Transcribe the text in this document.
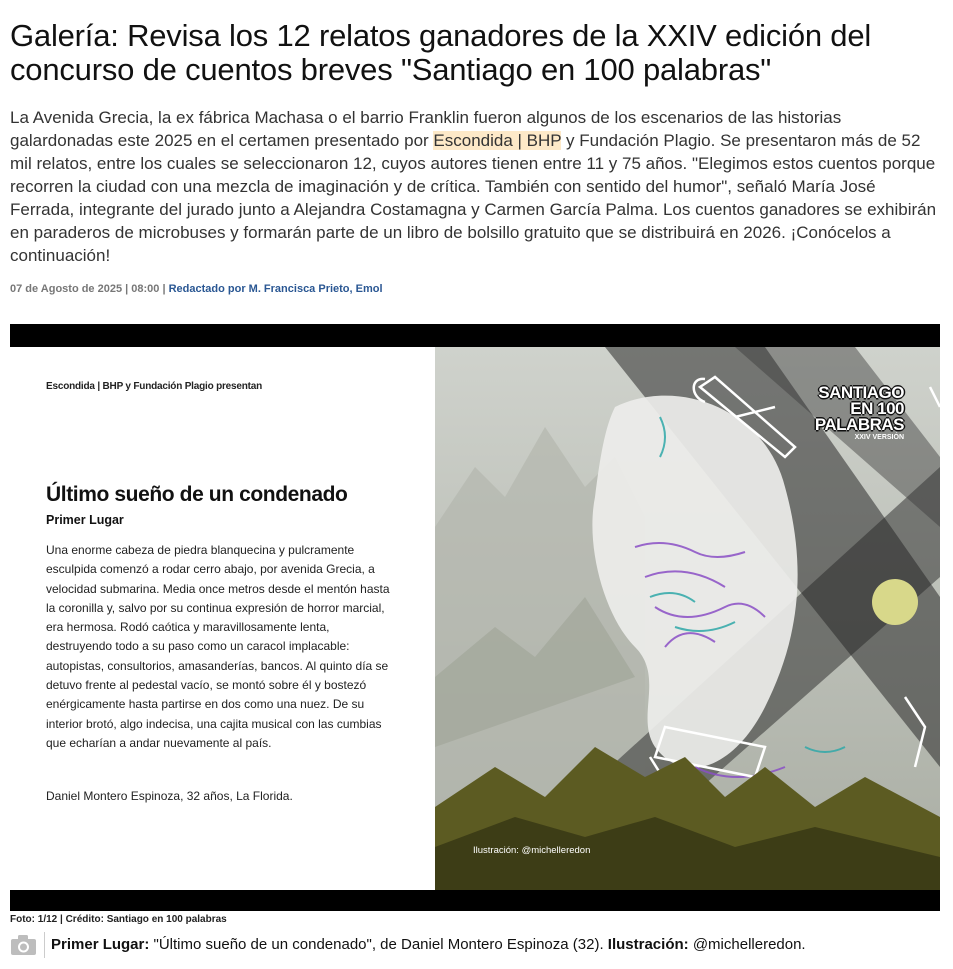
Galería: Revisa los 12 relatos ganadores de la XXIV edición del concurso de cuentos breves "Santiago en 100 palabras"

La Avenida Grecia, la ex fábrica Machasa o el barrio Franklin fueron algunos de los escenarios de las historias galardonadas este 2025 en el certamen presentado por Escondida | BHP y Fundación Plagio. Se presentaron más de 52 mil relatos, entre los cuales se seleccionaron 12, cuyos autores tienen entre 11 y 75 años. "Elegimos estos cuentos porque recorren la ciudad con una mezcla de imaginación y de crítica. También con sentido del humor", señaló María José Ferrada, integrante del jurado junto a Alejandra Costamagna y Carmen García Palma. Los cuentos ganadores se exhibirán en paraderos de microbuses y formarán parte de un libro de bolsillo gratuito que se distribuirá en 2026. ¡Conócelos a continuación!

07 de Agosto de 2025 | 08:00 | Redactado por M. Francisca Prieto, Emol
Escondida | BHP y Fundación Plagio presentan
Último sueño de un condenado
Primer Lugar
Una enorme cabeza de piedra blanquecina y pulcramente esculpida comenzó a rodar cerro abajo, por avenida Grecia, a velocidad submarina. Media once metros desde el mentón hasta la coronilla y, salvo por su continua expresión de horror marcial, era hermosa. Rodó caótica y maravillosamente lenta, destruyendo todo a su paso como un caracol implacable: autopistas, consultorios, amasanderías, bancos. Al quinto día se detuvo frente al pedestal vacío, se montó sobre él y bostezó enérgicamente hasta partirse en dos como una nuez. De su interior brotó, algo indecisa, una cajita musical con las cumbias que echarían a andar nuevamente al país.
Daniel Montero Espinoza, 32 años, La Florida.
SANTIAGO
EN 100
PALABRAS
XXIV VERSIÓN
Ilustración: @michelleredon
Foto: 1/12 | Crédito: Santiago en 100 palabras
Primer Lugar: "Último sueño de un condenado", de Daniel Montero Espinoza (32). Ilustración: @michelleredon.
